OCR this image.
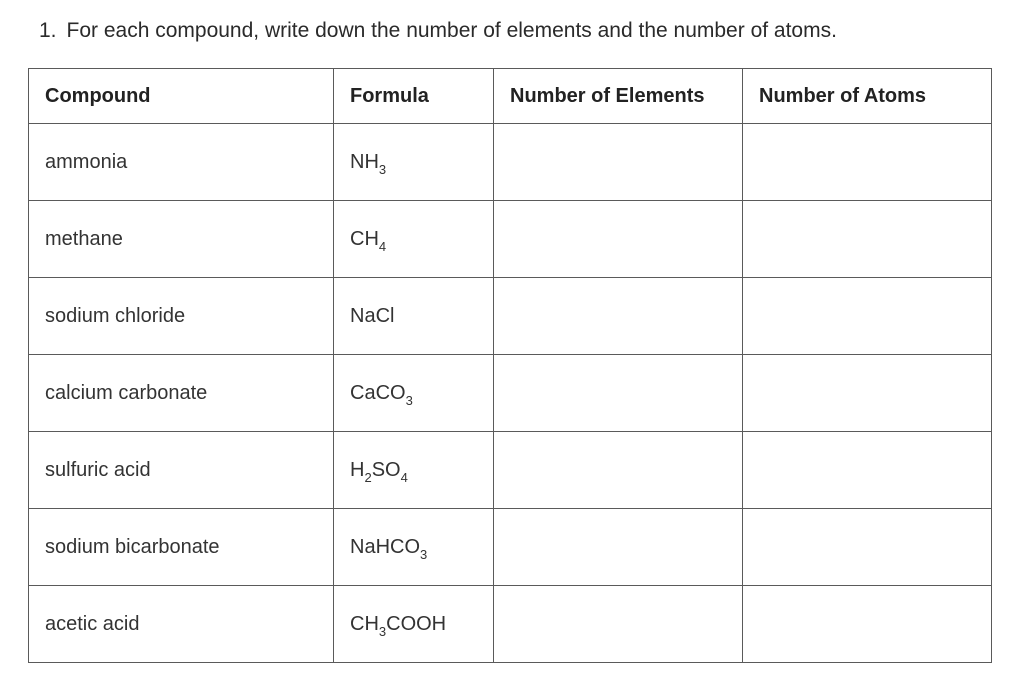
1. For each compound, write down the number of elements and the number of atoms.
Compound	Formula	Number of Elements	Number of Atoms
ammonia	$NH_3$		
methane	$CH_4$		
sodium chloride	NaCl		
calcium carbonate	CaCO$_3$		
sulfuric acid	$H_2SO_4$		
sodium bicarbonate	NaHCO$_3$		
acetic acid	$CH_3COOH$		
